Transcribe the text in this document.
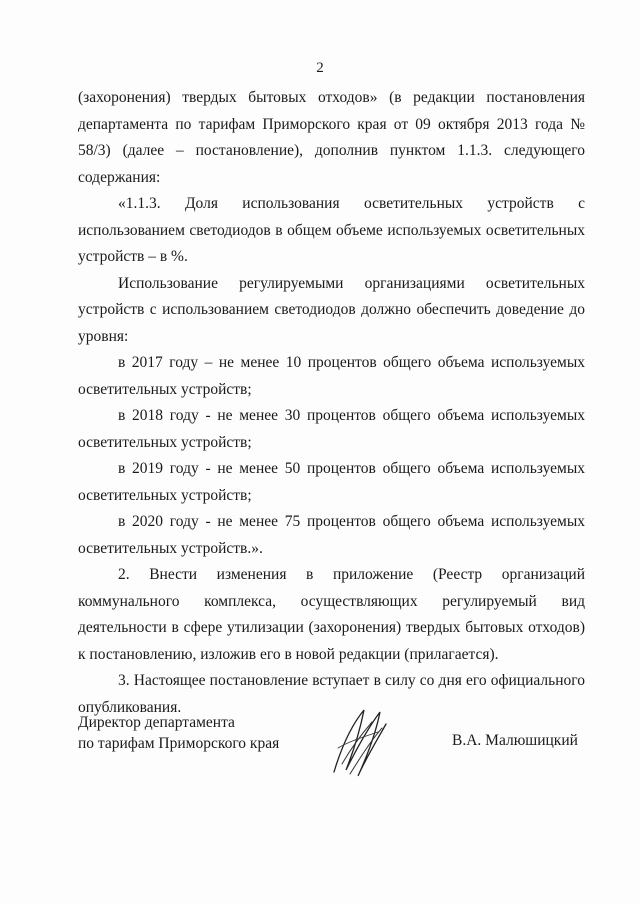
2

(захоронения) твердых бытовых отходов» (в редакции постановления департамента по тарифам Приморского края от 09 октября 2013 года № 58/3) (далее – постановление), дополнив пунктом 1.1.3. следующего содержания:

«1.1.3. Доля использования осветительных устройств с использованием светодиодов в общем объеме используемых осветительных устройств – в %.

Использование регулируемыми организациями осветительных устройств с использованием светодиодов должно обеспечить доведение до уровня:

в 2017 году – не менее 10 процентов общего объема используемых осветительных устройств;

в 2018 году - не менее 30 процентов общего объема используемых осветительных устройств;

в 2019 году - не менее 50 процентов общего объема используемых осветительных устройств;

в 2020 году - не менее 75 процентов общего объема используемых осветительных устройств.».

2. Внести изменения в приложение (Реестр организаций коммунального комплекса, осуществляющих регулируемый вид деятельности в сфере утилизации (захоронения) твердых бытовых отходов) к постановлению, изложив его в новой редакции (прилагается).

3. Настоящее постановление вступает в силу со дня его официального опубликования.

Директор департамента
по тарифам Приморского края	В.А. Малюшицкий
